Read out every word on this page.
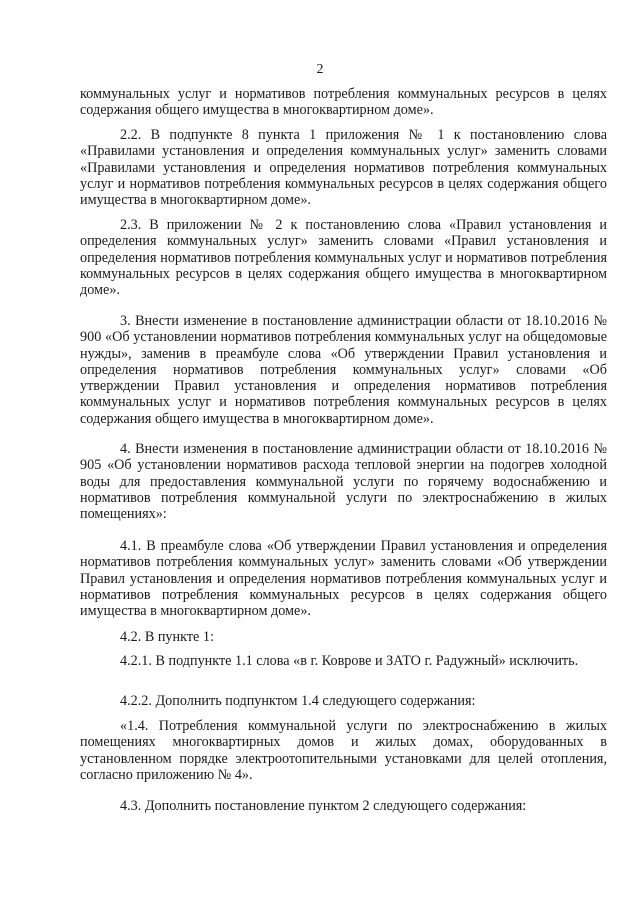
2

коммунальных услуг и нормативов потребления коммунальных ресурсов в целях содержания общего имущества в многоквартирном доме».

2.2. В подпункте 8 пункта 1 приложения № 1 к постановлению слова «Правилами установления и определения коммунальных услуг» заменить словами «Правилами установления и определения нормативов потребления коммунальных услуг и нормативов потребления коммунальных ресурсов в целях содержания общего имущества в многоквартирном доме».

2.3. В приложении № 2 к постановлению слова «Правил установления и определения коммунальных услуг» заменить словами «Правил установления и определения нормативов потребления коммунальных услуг и нормативов потребления коммунальных ресурсов в целях содержания общего имущества в многоквартирном доме».

3. Внести изменение в постановление администрации области от 18.10.2016 № 900 «Об установлении нормативов потребления коммунальных услуг на общедомовые нужды», заменив в преамбуле слова «Об утверждении Правил установления и определения нормативов потребления коммунальных услуг» словами «Об утверждении Правил установления и определения нормативов потребления коммунальных услуг и нормативов потребления коммунальных ресурсов в целях содержания общего имущества в многоквартирном доме».

4. Внести изменения в постановление администрации области от 18.10.2016 № 905 «Об установлении нормативов расхода тепловой энергии на подогрев холодной воды для предоставления коммунальной услуги по горячему водоснабжению и нормативов потребления коммунальной услуги по электроснабжению в жилых помещениях»:

4.1. В преамбуле слова «Об утверждении Правил установления и определения нормативов потребления коммунальных услуг» заменить словами «Об утверждении Правил установления и определения нормативов потребления коммунальных услуг и нормативов потребления коммунальных ресурсов в целях содержания общего имущества в многоквартирном доме».

4.2. В пункте 1:

4.2.1. В подпункте 1.1 слова «в г. Коврове и ЗАТО г. Радужный» исключить.

4.2.2. Дополнить подпунктом 1.4 следующего содержания:

«1.4. Потребления коммунальной услуги по электроснабжению в жилых помещениях многоквартирных домов и жилых домах, оборудованных в установленном порядке электроотопительными установками для целей отопления, согласно приложению № 4».

4.3. Дополнить постановление пунктом 2 следующего содержания:
